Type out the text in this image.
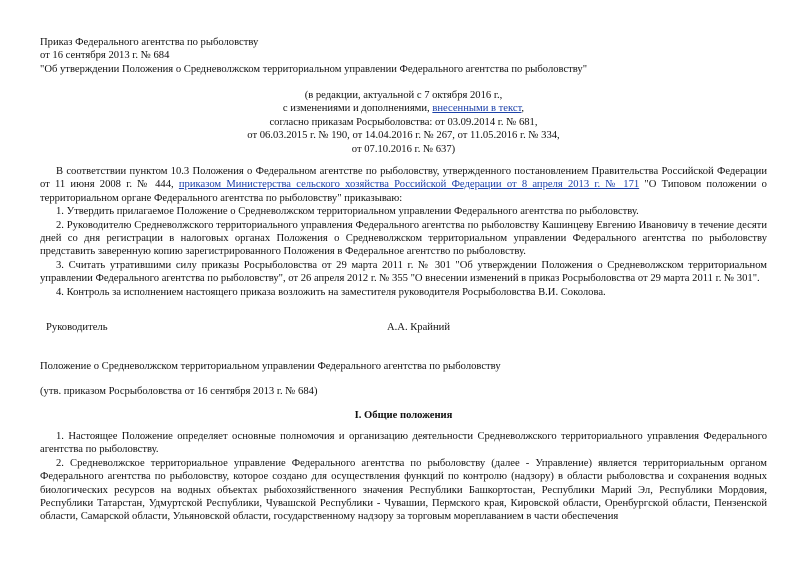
Приказ Федерального агентства по рыболовству
от 16 сентября 2013 г. № 684
"Об утверждении Положения о Средневолжском территориальном управлении Федерального агентства по рыболовству"
(в редакции, актуальной с 7 октября 2016 г.,
с изменениями и дополнениями, внесенными в текст,
согласно приказам Росрыболовства: от 03.09.2014 г. № 681,
от 06.03.2015 г. № 190, от 14.04.2016 г. № 267, от 11.05.2016 г. № 334,
от 07.10.2016 г. № 637)

В соответствии пунктом 10.3 Положения о Федеральном агентстве по рыболовству, утвержденного постановлением Правительства Российской Федерации от 11 июня 2008 г. № 444, приказом Министерства сельского хозяйства Российской Федерации от 8 апреля 2013 г. № 171 "О Типовом положении о территориальном органе Федерального агентства по рыболовству" приказываю:

1. Утвердить прилагаемое Положение о Средневолжском территориальном управлении Федерального агентства по рыболовству.

2. Руководителю Средневолжского территориального управления Федерального агентства по рыболовству Кашинцеву Евгению Ивановичу в течение десяти дней со дня регистрации в налоговых органах Положения о Средневолжском территориальном управлении Федерального агентства по рыболовству представить заверенную копию зарегистрированного Положения в Федеральное агентство по рыболовству.

3. Считать утратившими силу приказы Росрыболовства от 29 марта 2011 г. № 301 "Об утверждении Положения о Средневолжском территориальном управлении Федерального агентства по рыболовству", от 26 апреля 2012 г. № 355 "О внесении изменений в приказ Росрыболовства от 29 марта 2011 г. № 301".

4. Контроль за исполнением настоящего приказа возложить на заместителя руководителя Росрыболовства В.И. Соколова.

Руководитель	А.А. Крайний
Положение о Средневолжском территориальном управлении Федерального агентства по рыболовству
(утв. приказом Росрыболовства от 16 сентября 2013 г. № 684)
I. Общие положения

1. Настоящее Положение определяет основные полномочия и организацию деятельности Средневолжского территориального управления Федерального агентства по рыболовству.

2. Средневолжское территориальное управление Федерального агентства по рыболовству (далее - Управление) является территориальным органом Федерального агентства по рыболовству, которое создано для осуществления функций по контролю (надзору) в области рыболовства и сохранения водных биологических ресурсов на водных объектах рыбохозяйственного значения Республики Башкортостан, Республики Марий Эл, Республики Мордовия, Республики Татарстан, Удмуртской Республики, Чувашской Республики - Чувашии, Пермского края, Кировской области, Оренбургской области, Пензенской области, Самарской области, Ульяновской области, государственному надзору за торговым мореплаванием в части обеспечения
